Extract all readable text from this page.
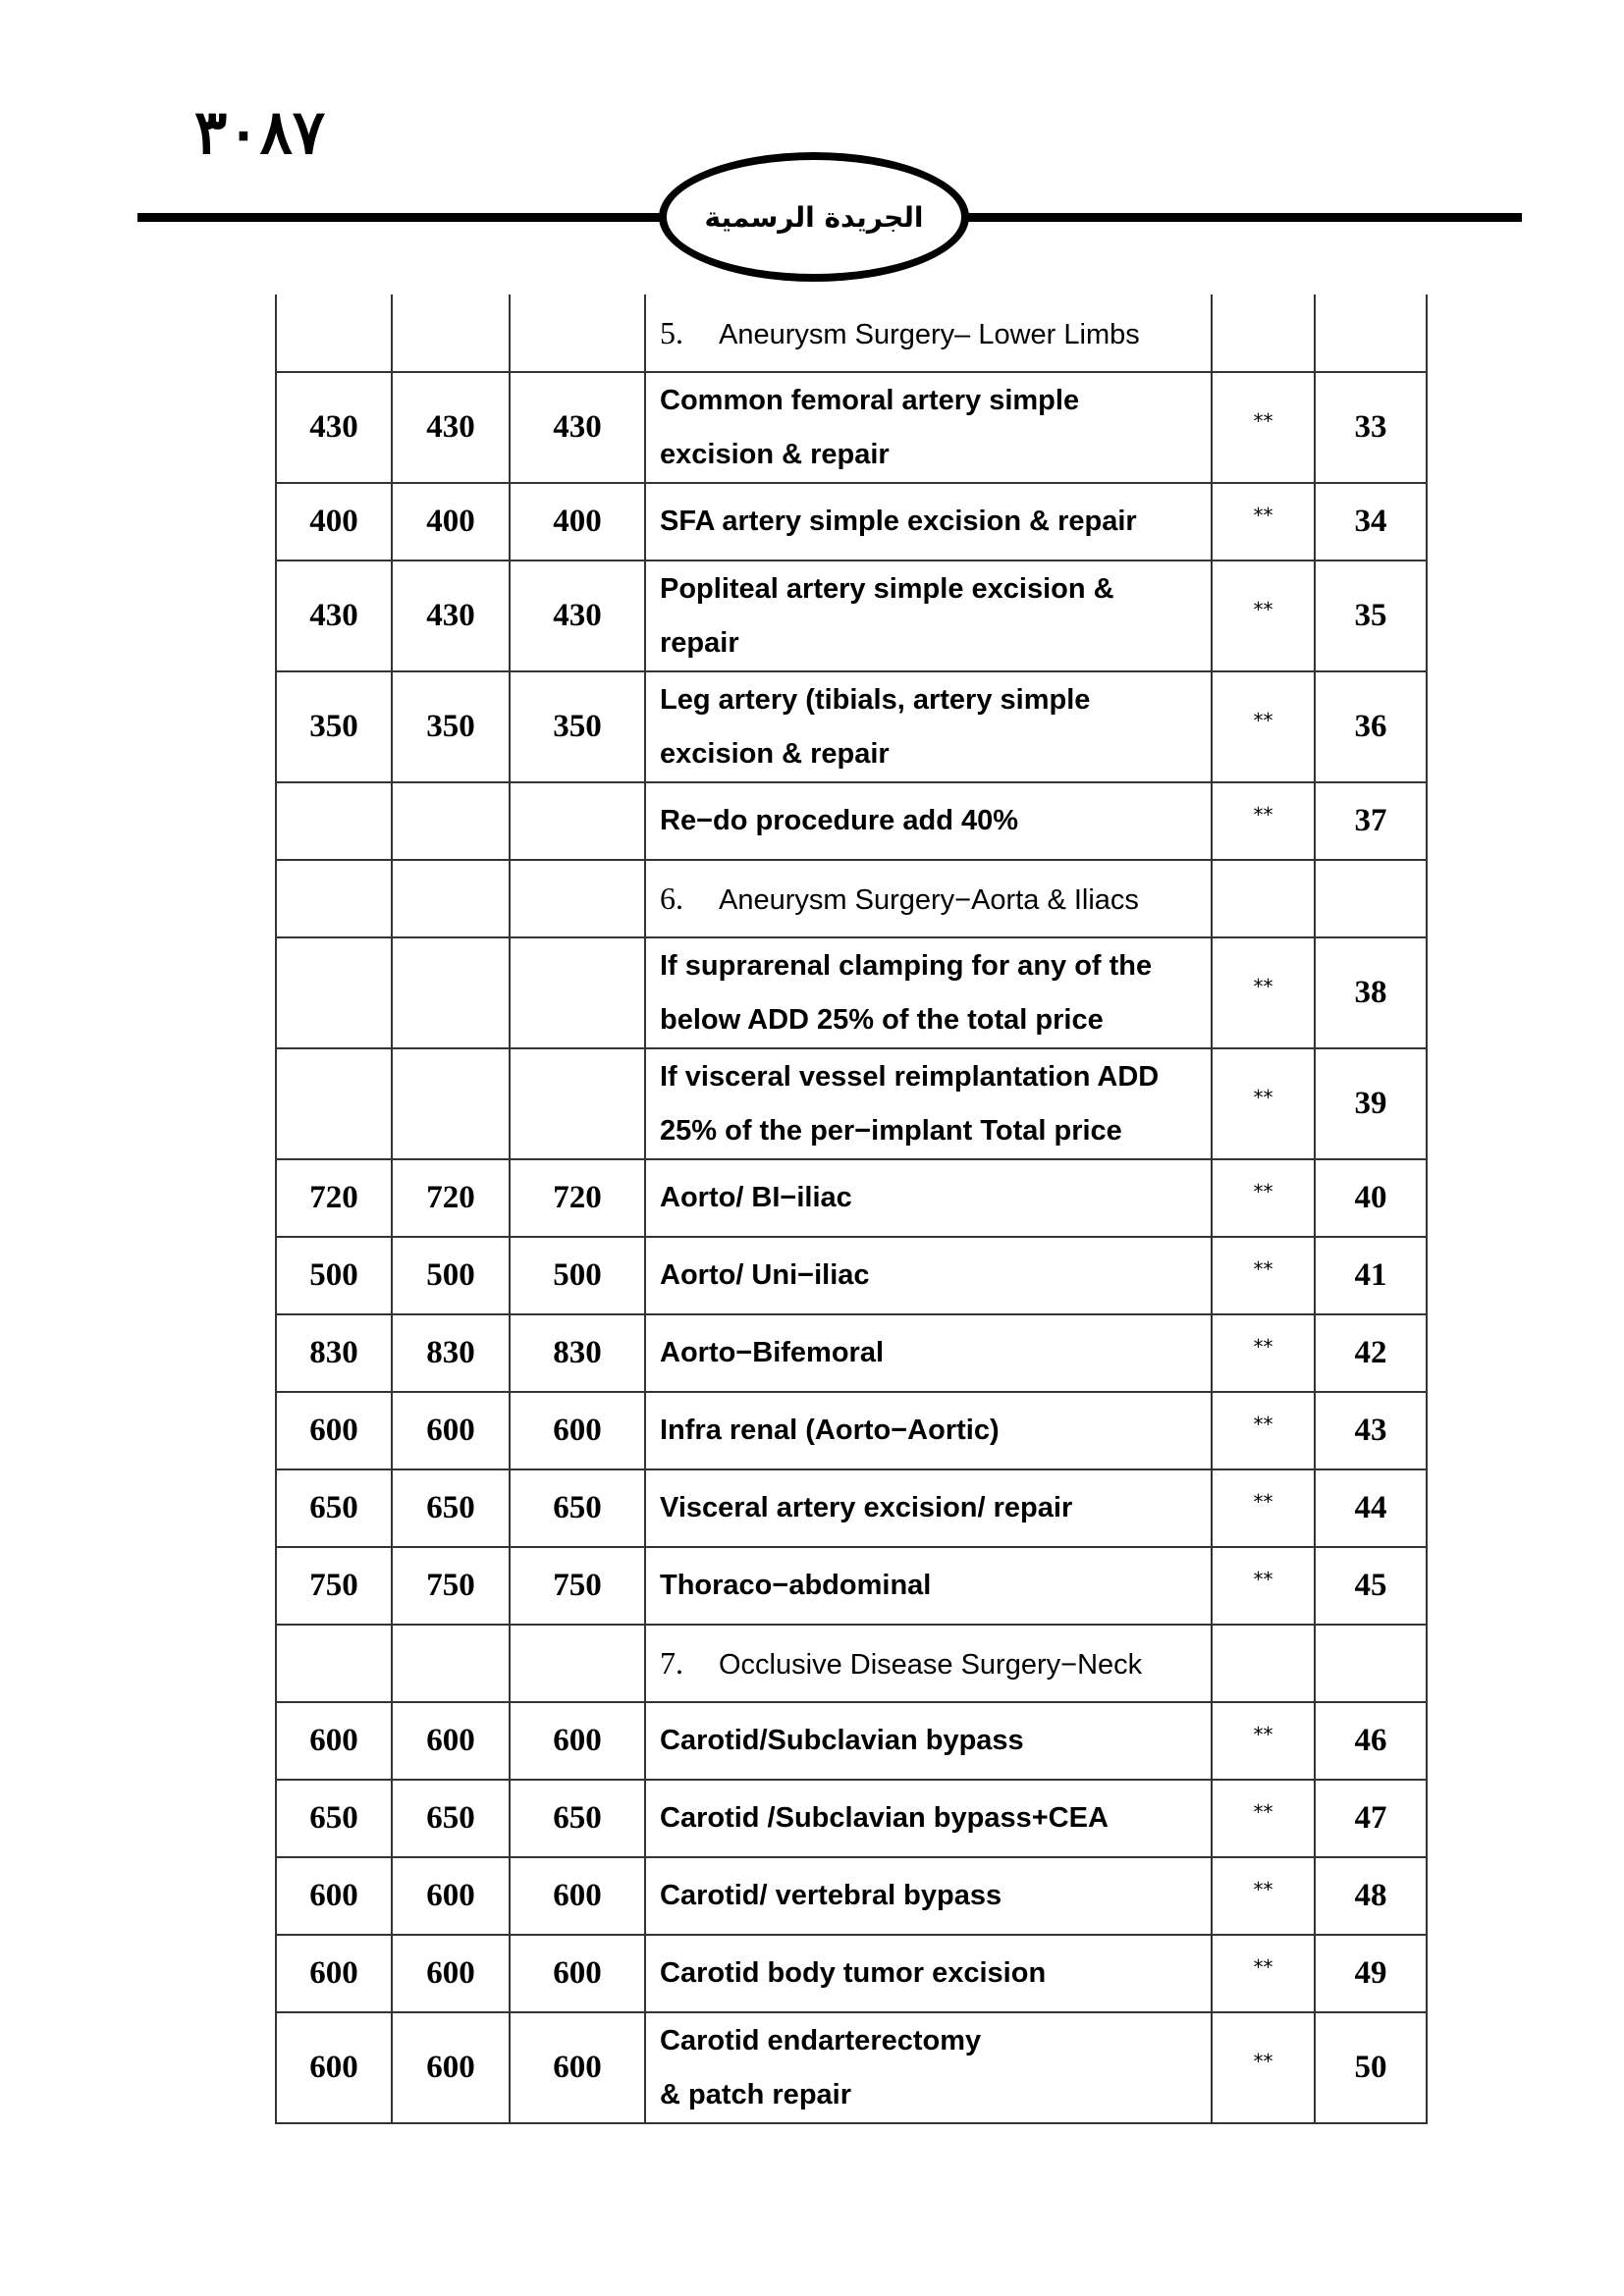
٣٠٨٧
الجريدة الرسمية
			5. Aneurysm Surgery– Lower Limbs		
430	430	430	Common femoral artery simple
excision & repair	**	33
400	400	400	SFA artery simple excision & repair	**	34
430	430	430	Popliteal artery simple excision &
repair	**	35
350	350	350	Leg artery (tibials, artery simple
excision & repair	**	36

			Re−do procedure add 40%	**	37
			6. Aneurysm Surgery−Aorta & Iliacs		

			If suprarenal clamping for any of the
below ADD 25% of the total price	**	38

			If visceral vessel reimplantation ADD
25% of the per−implant Total price	**	39
720	720	720	Aorto/ BI−iliac	**	40
500	500	500	Aorto/ Uni−iliac	**	41
830	830	830	Aorto−Bifemoral	**	42
600	600	600	Infra renal (Aorto−Aortic)	**	43
650	650	650	Visceral artery excision/ repair	**	44
750	750	750	Thoraco−abdominal	**	45
			7. Occlusive Disease Surgery−Neck		
600	600	600	Carotid/Subclavian bypass	**	46
650	650	650	Carotid /Subclavian bypass+CEA	**	47
600	600	600	Carotid/ vertebral bypass	**	48
600	600	600	Carotid body tumor excision	**	49
600	600	600	Carotid endarterectomy
& patch repair	**	50
